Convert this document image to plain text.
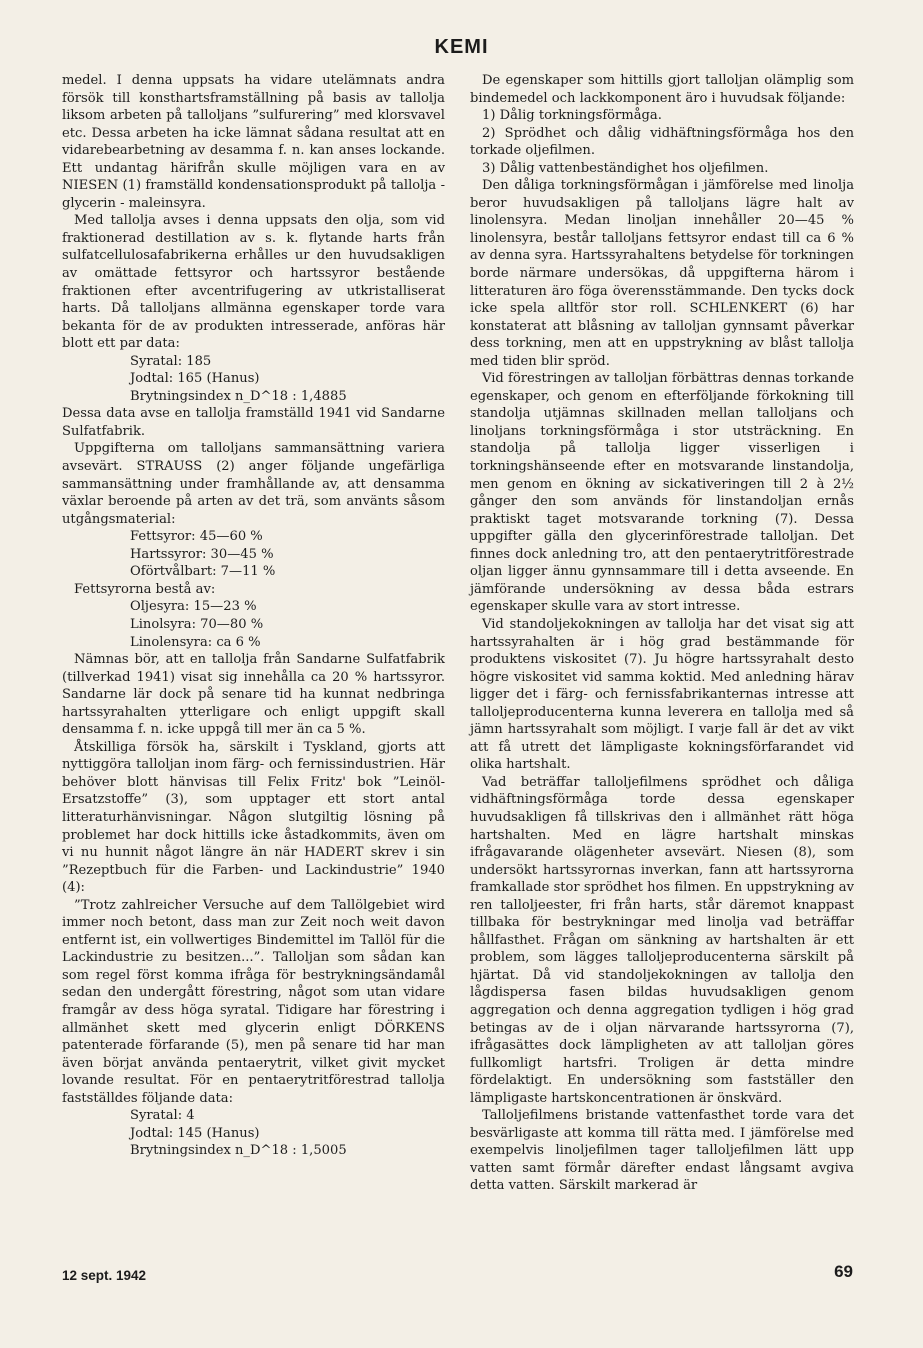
KEMI

medel. I denna uppsats ha vidare utelämnats andra försök till konsthartsframställning på basis av tallolja liksom arbeten på talloljans ”sulfurering” med klorsvavel etc. Dessa arbeten ha icke lämnat sådana resultat att en vidarebearbetning av desamma f. n. kan anses lockande. Ett undantag härifrån skulle möjligen vara en av NIESEN (1) framställd kondensationsprodukt på tallolja - glycerin - maleinsyra.

Med tallolja avses i denna uppsats den olja, som vid fraktionerad destillation av s. k. flytande harts från sulfatcellulosafabrikerna erhålles ur den huvudsakligen av omättade fettsyror och hartssyror bestående fraktionen efter avcentrifugering av utkristalliserat harts. Då talloljans allmänna egenskaper torde vara bekanta för de av produkten intresserade, anföras här blott ett par data:

Syratal: 185

Jodtal: 165 (Hanus)

Brytningsindex n_D^18 : 1,4885

Dessa data avse en tallolja framställd 1941 vid Sandarne Sulfatfabrik.

Uppgifterna om talloljans sammansättning variera avsevärt. STRAUSS (2) anger följande ungefärliga sammansättning under framhållande av, att densamma växlar beroende på arten av det trä, som använts såsom utgångsmaterial:

Fettsyror: 45—60 %

Hartssyror: 30—45 %

Oförtvålbart: 7—11 %

Fettsyrorna bestå av:

Oljesyra: 15—23 %

Linolsyra: 70—80 %

Linolensyra: ca 6 %

Nämnas bör, att en tallolja från Sandarne Sulfatfabrik (tillverkad 1941) visat sig innehålla ca 20 % hartssyror. Sandarne lär dock på senare tid ha kunnat nedbringa hartssyrahalten ytterligare och enligt uppgift skall densamma f. n. icke uppgå till mer än ca 5 %.

Åtskilliga försök ha, särskilt i Tyskland, gjorts att nyttiggöra talloljan inom färg- och fernissindustrien. Här behöver blott hänvisas till Felix Fritz' bok ”Leinöl-Ersatzstoffe” (3), som upptager ett stort antal litteraturhänvisningar. Någon slutgiltig lösning på problemet har dock hittills icke åstadkommits, även om vi nu hunnit något längre än när HADERT skrev i sin ”Rezeptbuch für die Farben- und Lackindustrie” 1940 (4):

”Trotz zahlreicher Versuche auf dem Tallölgebiet wird immer noch betont, dass man zur Zeit noch weit davon entfernt ist, ein vollwertiges Bindemittel im Tallöl für die Lackindustrie zu besitzen...”. Talloljan som sådan kan som regel först komma ifråga för bestrykningsändamål sedan den undergått förestring, något som utan vidare framgår av dess höga syratal. Tidigare har förestring i allmänhet skett med glycerin enligt DÖRKENS patenterade förfarande (5), men på senare tid har man även börjat använda pentaerytrit, vilket givit mycket lovande resultat. För en pentaerytritförestrad tallolja fastställdes följande data:

Syratal: 4

Jodtal: 145 (Hanus)

Brytningsindex n_D^18 : 1,5005

De egenskaper som hittills gjort talloljan olämplig som bindemedel och lackkomponent äro i huvudsak följande:

1) Dålig torkningsförmåga.

2) Sprödhet och dålig vidhäftningsförmåga hos den torkade oljefilmen.

3) Dålig vattenbeständighet hos oljefilmen.

Den dåliga torkningsförmågan i jämförelse med linolja beror huvudsakligen på talloljans lägre halt av linolensyra. Medan linoljan innehåller 20—45 % linolensyra, består talloljans fettsyror endast till ca 6 % av denna syra. Hartssyrahaltens betydelse för torkningen borde närmare undersökas, då uppgifterna härom i litteraturen äro föga överensstämmande. Den tycks dock icke spela alltför stor roll. SCHLENKERT (6) har konstaterat att blåsning av talloljan gynnsamt påverkar dess torkning, men att en uppstrykning av blåst tallolja med tiden blir spröd.

Vid förestringen av talloljan förbättras dennas torkande egenskaper, och genom en efterföljande förkokning till standolja utjämnas skillnaden mellan talloljans och linoljans torkningsförmåga i stor utsträckning. En standolja på tallolja ligger visserligen i torkningshänseende efter en motsvarande linstandolja, men genom en ökning av sickativeringen till 2 à 2½ gånger den som används för linstandoljan ernås praktiskt taget motsvarande torkning (7). Dessa uppgifter gälla den glycerinförestrade talloljan. Det finnes dock anledning tro, att den pentaerytritförestrade oljan ligger ännu gynnsammare till i detta avseende. En jämförande undersökning av dessa båda estrars egenskaper skulle vara av stort intresse.

Vid standoljekokningen av tallolja har det visat sig att hartssyrahalten är i hög grad bestämmande för produktens viskositet (7). Ju högre hartssyrahalt desto högre viskositet vid samma koktid. Med anledning härav ligger det i färg- och fernissfabrikanternas intresse att talloljeproducenterna kunna leverera en tallolja med så jämn hartssyrahalt som möjligt. I varje fall är det av vikt att få utrett det lämpligaste kokningsförfarandet vid olika hartshalt.

Vad beträffar talloljefilmens sprödhet och dåliga vidhäftningsförmåga torde dessa egenskaper huvudsakligen få tillskrivas den i allmänhet rätt höga hartshalten. Med en lägre hartshalt minskas ifrågavarande olägenheter avsevärt. Niesen (8), som undersökt hartssyrornas inverkan, fann att hartssyrorna framkallade stor sprödhet hos filmen. En uppstrykning av ren talloljeester, fri från harts, står däremot knappast tillbaka för bestrykningar med linolja vad beträffar hållfasthet. Frågan om sänkning av hartshalten är ett problem, som lägges talloljeproducenterna särskilt på hjärtat. Då vid standoljekokningen av tallolja den lågdispersa fasen bildas huvudsakligen genom aggregation och denna aggregation tydligen i hög grad betingas av de i oljan närvarande hartssyrorna (7), ifrågasättes dock lämpligheten av att talloljan göres fullkomligt hartsfri. Troligen är detta mindre fördelaktigt. En undersökning som fastställer den lämpligaste hartskoncentrationen är önskvärd.

Talloljefilmens bristande vattenfasthet torde vara det besvärligaste att komma till rätta med. I jämförelse med exempelvis linoljefilmen tager talloljefilmen lätt upp vatten samt förmår därefter endast långsamt avgiva detta vatten. Särskilt markerad är

12 sept. 1942	69
